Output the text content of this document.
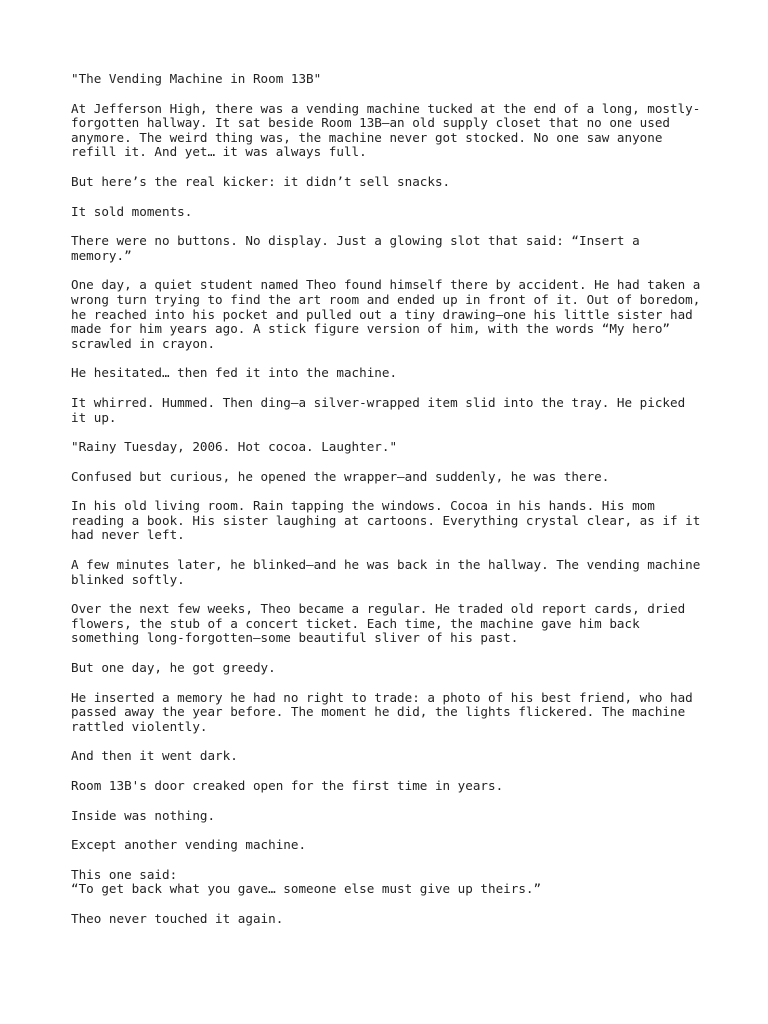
"The Vending Machine in Room 13B"

At Jefferson High, there was a vending machine tucked at the end of a long, mostly-
forgotten hallway. It sat beside Room 13B—an old supply closet that no one used
anymore. The weird thing was, the machine never got stocked. No one saw anyone
refill it. And yet… it was always full.

But here’s the real kicker: it didn’t sell snacks.

It sold moments.

There were no buttons. No display. Just a glowing slot that said: “Insert a
memory.”

One day, a quiet student named Theo found himself there by accident. He had taken a
wrong turn trying to find the art room and ended up in front of it. Out of boredom,
he reached into his pocket and pulled out a tiny drawing—one his little sister had
made for him years ago. A stick figure version of him, with the words “My hero”
scrawled in crayon.

He hesitated… then fed it into the machine.

It whirred. Hummed. Then ding—a silver-wrapped item slid into the tray. He picked
it up.

"Rainy Tuesday, 2006. Hot cocoa. Laughter."

Confused but curious, he opened the wrapper—and suddenly, he was there.

In his old living room. Rain tapping the windows. Cocoa in his hands. His mom
reading a book. His sister laughing at cartoons. Everything crystal clear, as if it
had never left.

A few minutes later, he blinked—and he was back in the hallway. The vending machine
blinked softly.

Over the next few weeks, Theo became a regular. He traded old report cards, dried
flowers, the stub of a concert ticket. Each time, the machine gave him back
something long-forgotten—some beautiful sliver of his past.

But one day, he got greedy.

He inserted a memory he had no right to trade: a photo of his best friend, who had
passed away the year before. The moment he did, the lights flickered. The machine
rattled violently.

And then it went dark.

Room 13B's door creaked open for the first time in years.

Inside was nothing.

Except another vending machine.

This one said:
“To get back what you gave… someone else must give up theirs.”

Theo never touched it again.
